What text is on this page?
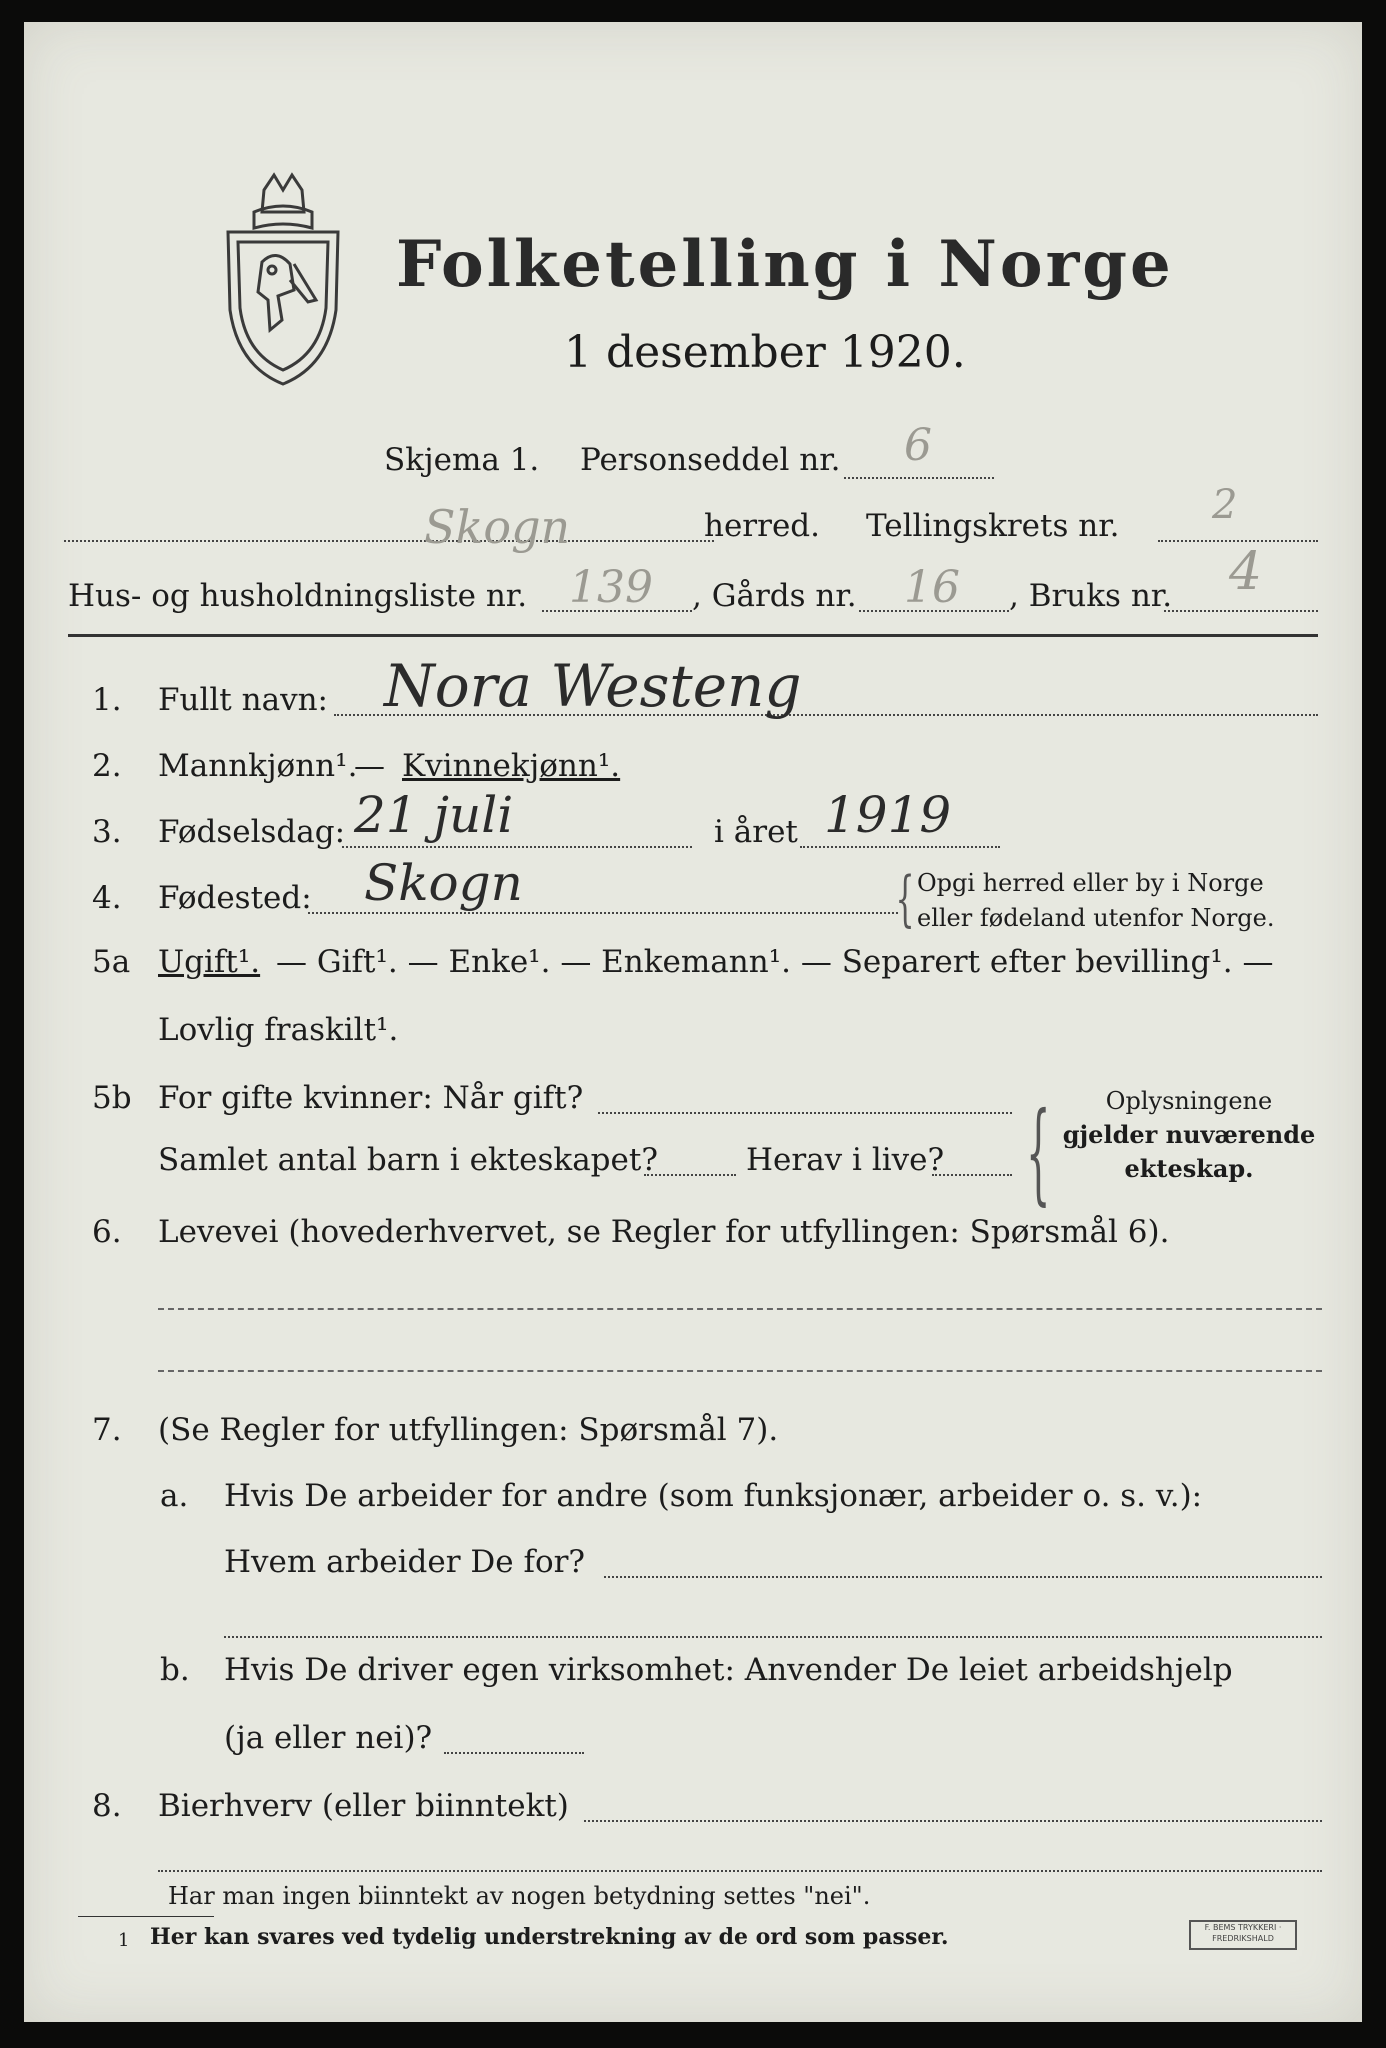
Folketelling i Norge
1 desember 1920.
Skjema 1. Personseddel nr. 6
Skogn	herred. Tellingskrets nr. 2
Hus- og husholdningsliste nr. 139 , Gårds nr. 16 , Bruks nr. 4
1. Fullt navn: Nora Westeng
2. Mannkjønn¹.
— Kvinnekjønn¹.
3. Fødselsdag: 21 juli	i året 1919
4. Fødested: Skogn	{ Opgi herred eller by i Norge
eller fødeland utenfor Norge.
5a Ugift¹. — Gift¹. — Enke¹. — Enkemann¹. — Separert efter bevilling¹. —
Lovlig fraskilt¹.
5b For gifte kvinner: Når gift?
Samlet antal barn i ekteskapet?	Herav i live? {	Oplysningene
gjelder nuværende
ekteskap.
6. Levevei (hovederhvervet, se Regler for utfyllingen: Spørsmål 6).
7. (Se Regler for utfyllingen: Spørsmål 7).
a. Hvis De arbeider for andre (som funksjonær, arbeider o. s. v.):
Hvem arbeider De for?
b. Hvis De driver egen virksomhet: Anvender De leiet arbeidshjelp
(ja eller nei)?
8. Bierhverv (eller biinntekt)
Har man ingen biinntekt av nogen betydning settes "nei".
1 Her kan svares ved tydelig understrekning av de ord som passer.	F. BEMS TRYKKERI · FREDRIKSHALD
